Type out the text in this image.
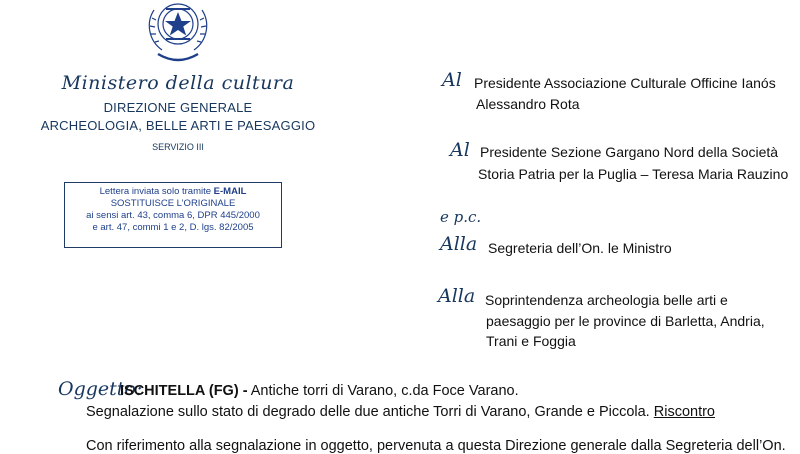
Ministero della cultura
DIREZIONE GENERALE
ARCHEOLOGIA, BELLE ARTI E PAESAGGIO
SERVIZIO III
Lettera inviata solo tramite E-MAIL
SOSTITUISCE L’ORIGINALE
ai sensi art. 43, comma 6, DPR 445/2000
e art. 47, commi 1 e 2, D. lgs. 82/2005
Al Presidente Associazione Culturale Officine Ianós
Alessandro Rota
Al Presidente Sezione Gargano Nord della Società
Storia Patria per la Puglia – Teresa Maria Rauzino
e p.c.
Alla Segreteria dell’On. le Ministro
Alla Soprintendenza archeologia belle arti e
paesaggio per le province di Barletta, Andria,
Trani e Foggia
Oggetto:
ISCHITELLA (FG) - Antiche torri di Varano, c.da Foce Varano.
Segnalazione sullo stato di degrado delle due antiche Torri di Varano, Grande e Piccola. Riscontro
Con riferimento alla segnalazione in oggetto, pervenuta a questa Direzione generale dalla Segreteria dell’On.
